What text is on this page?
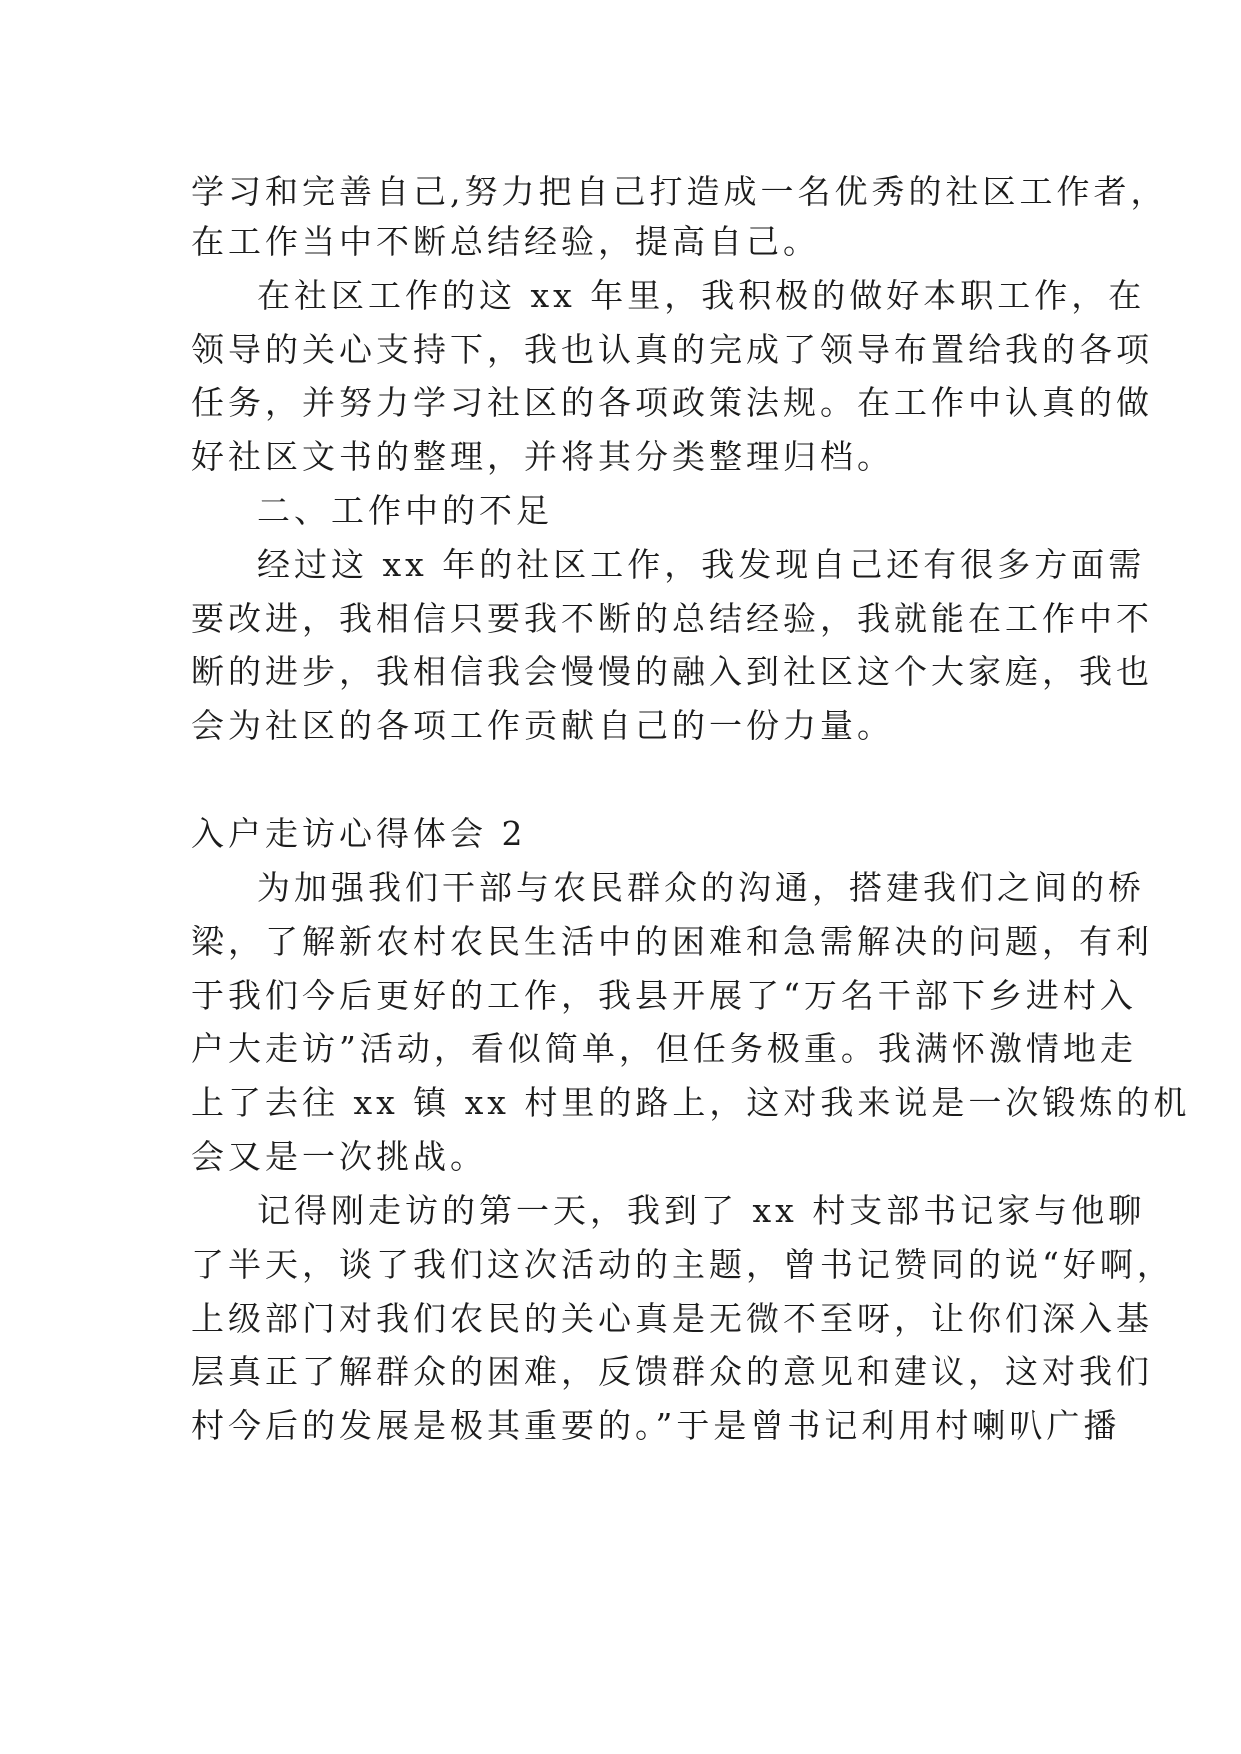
学习和完善自己,努力把自己打造成一名优秀的社区工作者，
在工作当中不断总结经验，提高自己。
在社区工作的这 xx 年里，我积极的做好本职工作，在
领导的关心支持下，我也认真的完成了领导布置给我的各项
任务，并努力学习社区的各项政策法规。在工作中认真的做
好社区文书的整理，并将其分类整理归档。
二、工作中的不足
经过这 xx 年的社区工作，我发现自己还有很多方面需
要改进，我相信只要我不断的总结经验，我就能在工作中不
断的进步，我相信我会慢慢的融入到社区这个大家庭，我也
会为社区的各项工作贡献自己的一份力量。
入户走访心得体会 2
为加强我们干部与农民群众的沟通，搭建我们之间的桥
梁，了解新农村农民生活中的困难和急需解决的问题，有利
于我们今后更好的工作，我县开展了“万名干部下乡进村入
户大走访”活动，看似简单，但任务极重。我满怀激情地走
上了去往 xx 镇 xx 村里的路上，这对我来说是一次锻炼的机
会又是一次挑战。
记得刚走访的第一天，我到了 xx 村支部书记家与他聊
了半天，谈了我们这次活动的主题，曾书记赞同的说“好啊，
上级部门对我们农民的关心真是无微不至呀，让你们深入基
层真正了解群众的困难，反馈群众的意见和建议，这对我们
村今后的发展是极其重要的。”于是曾书记利用村喇叭广播
